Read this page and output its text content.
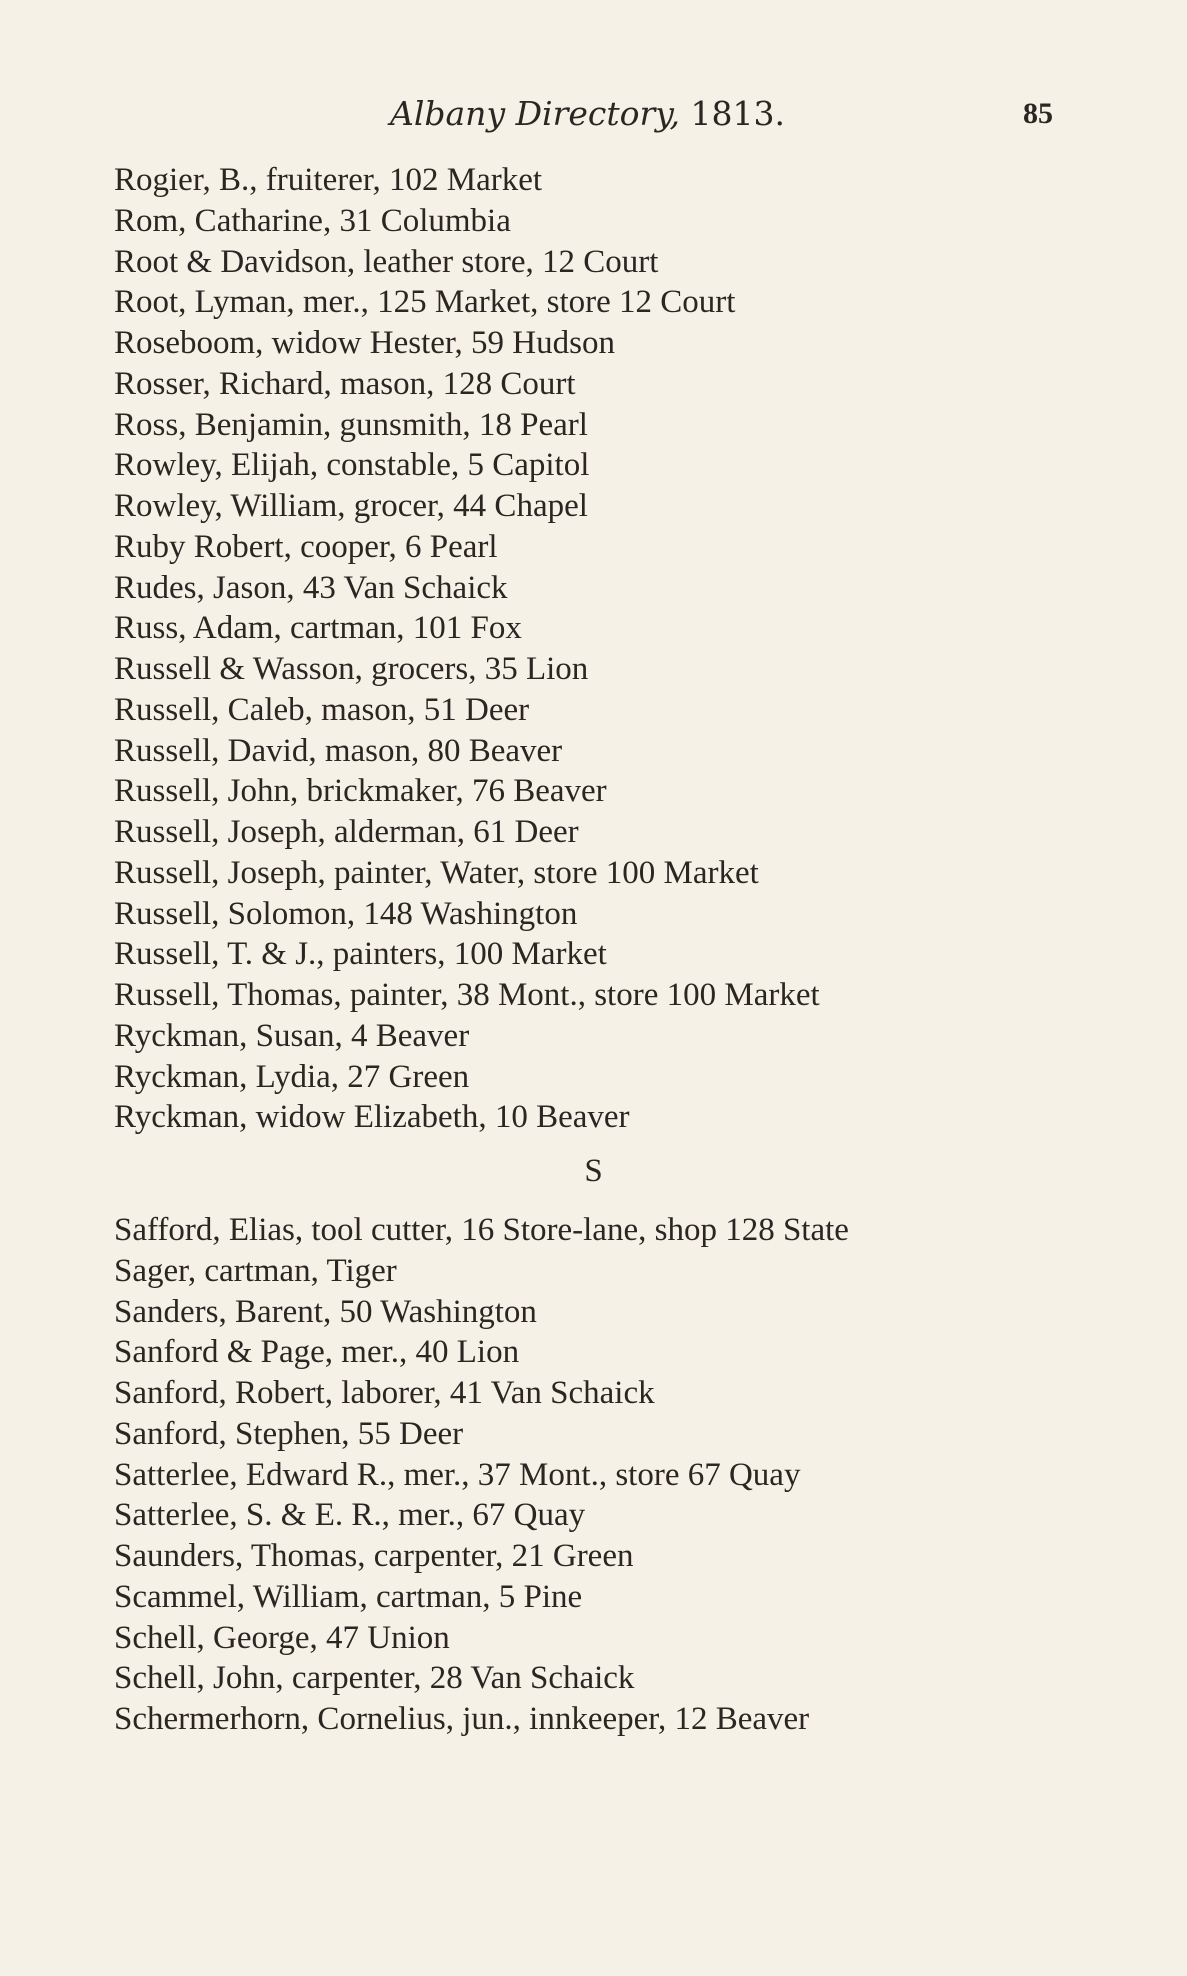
Albany Directory, 1813.	85
Rogier, B., fruiterer, 102 Market
Rom, Catharine, 31 Columbia
Root & Davidson, leather store, 12 Court
Root, Lyman, mer., 125 Market, store 12 Court
Roseboom, widow Hester, 59 Hudson
Rosser, Richard, mason, 128 Court
Ross, Benjamin, gunsmith, 18 Pearl
Rowley, Elijah, constable, 5 Capitol
Rowley, William, grocer, 44 Chapel
Ruby Robert, cooper, 6 Pearl
Rudes, Jason, 43 Van Schaick
Russ, Adam, cartman, 101 Fox
Russell & Wasson, grocers, 35 Lion
Russell, Caleb, mason, 51 Deer
Russell, David, mason, 80 Beaver
Russell, John, brickmaker, 76 Beaver
Russell, Joseph, alderman, 61 Deer
Russell, Joseph, painter, Water, store 100 Market
Russell, Solomon, 148 Washington
Russell, T. & J., painters, 100 Market
Russell, Thomas, painter, 38 Mont., store 100 Market
Ryckman, Susan, 4 Beaver
Ryckman, Lydia, 27 Green
Ryckman, widow Elizabeth, 10 Beaver
S
Safford, Elias, tool cutter, 16 Store-lane, shop 128 State
Sager, cartman, Tiger
Sanders, Barent, 50 Washington
Sanford & Page, mer., 40 Lion
Sanford, Robert, laborer, 41 Van Schaick
Sanford, Stephen, 55 Deer
Satterlee, Edward R., mer., 37 Mont., store 67 Quay
Satterlee, S. & E. R., mer., 67 Quay
Saunders, Thomas, carpenter, 21 Green
Scammel, William, cartman, 5 Pine
Schell, George, 47 Union
Schell, John, carpenter, 28 Van Schaick
Schermerhorn, Cornelius, jun., innkeeper, 12 Beaver
